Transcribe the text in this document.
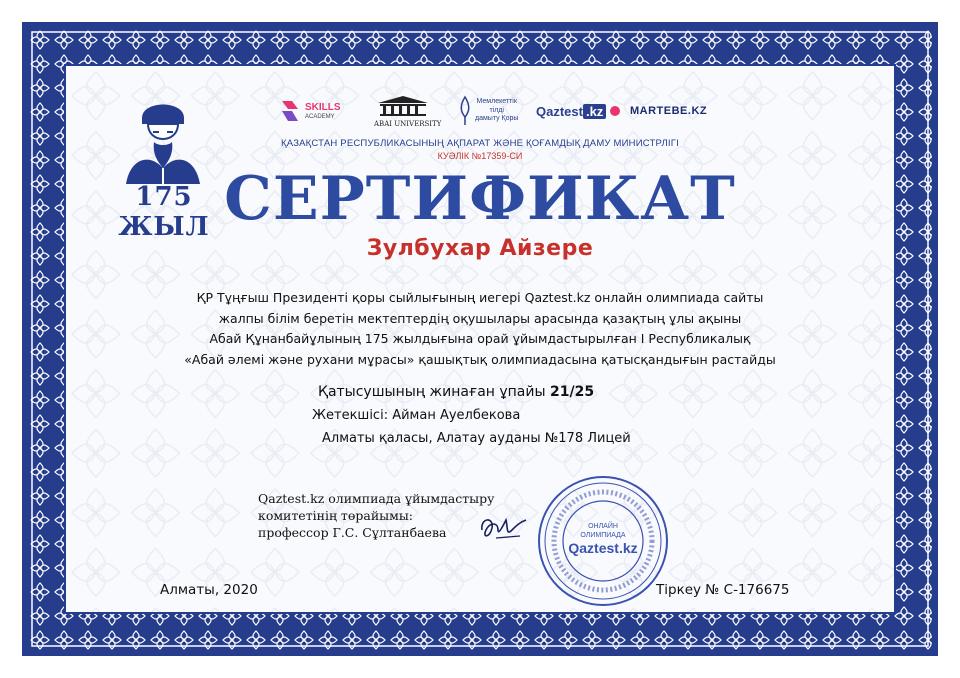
175 ЖЫЛ
SKILLS
ACADEMY
ABAI UNIVERSITY
Мемлекеттік
тілді
дамыту Қоры
Qaztest .kz MARTEBE.KZ
ҚАЗАҚСТАН РЕСПУБЛИКАСЫНЫҢ АҚПАРАТ ЖӘНЕ ҚОҒАМДЫҚ ДАМУ МИНИСТРЛІГІ
КУӘЛІК №17359-СИ
СЕРТИФИКАТ
Зулбухар Айзере
ҚР Тұңғыш Президенті қоры сыйлығының иегері Qaztest.kz онлайн олимпиада сайты
жалпы білім беретін мектептердің оқушылары арасында қазақтың ұлы ақыны
Абай Құнанбайұлының 175 жылдығына орай ұйымдастырылған I Республикалық
«Абай әлемі және рухани мұрасы» қашықтық олимпиадасына қатысқандығын растайды
Қатысушының жинаған ұпайы 21/25
Жетекшісі: Айман Ауелбекова
Алматы қаласы, Алатау ауданы №178 Лицей
Qaztest.kz олимпиада ұйымдастыру
комитетінің төрайымы:
профессор Г.С. Сұлтанбаева	ОНЛАЙН
ОЛИМПИАДА
Qaztest.kz
Алматы, 2020	Тіркеу № С-176675
